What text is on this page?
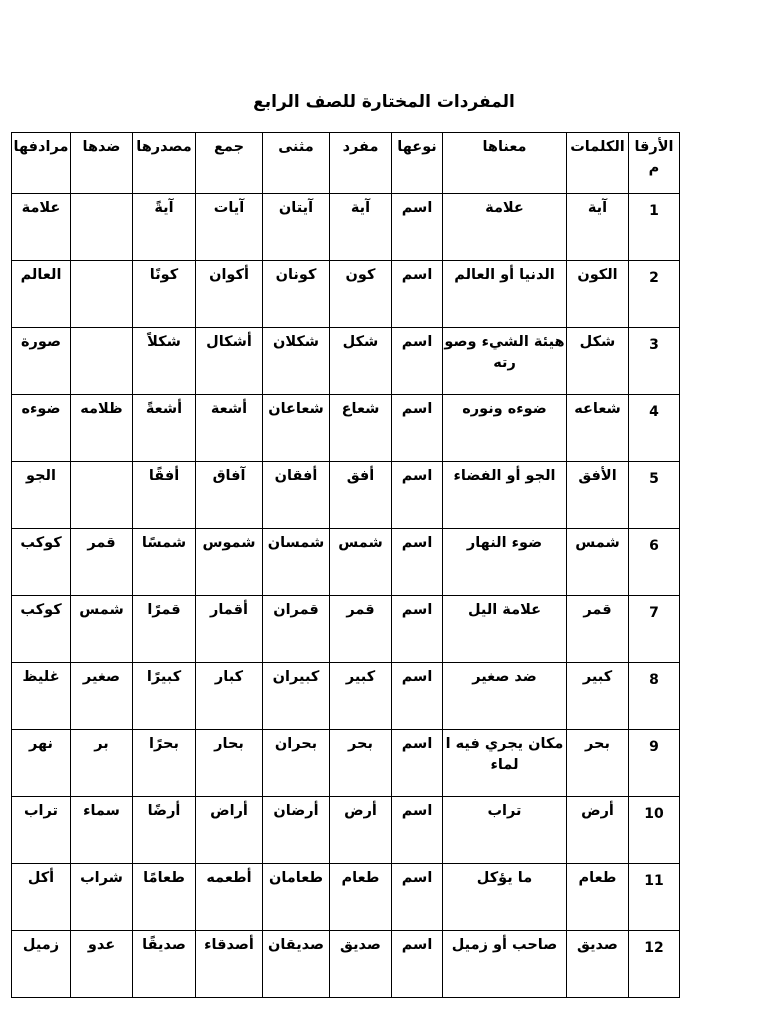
المفردات المختارة للصف الرابع
الأرقام	الكلمات	معناها	نوعها	مفرد	مثنى	جمع	مصدرها	ضدها	مرادفها
1	آية	علامة	اسم	آية	آيتان	آيات	آيةً		علامة
2	الكون	الدنيا أو العالم	اسم	كون	كونان	أكوان	كونًا		العالم
3	شكل	هيئة الشيء وصورته	اسم	شكل	شكلان	أشكال	شكلاً		صورة
4	شعاعه	ضوءه ونوره	اسم	شعاع	شعاعان	أشعة	أشعةً	ظلامه	ضوءه
5	الأفق	الجو أو الفضاء	اسم	أفق	أفقان	آفاق	أفقًا		الجو
6	شمس	ضوء النهار	اسم	شمس	شمسان	شموس	شمسًا	قمر	كوكب
7	قمر	علامة اليل	اسم	قمر	قمران	أقمار	قمرًا	شمس	كوكب
8	كبير	ضد صغير	اسم	كبير	كبيران	كبار	كبيرًا	صغير	غليظ
9	بحر	مكان يجري فيه الماء	اسم	بحر	بحران	بحار	بحرًا	بر	نهر
10	أرض	تراب	اسم	أرض	أرضان	أراض	أرضًا	سماء	تراب
11	طعام	ما يؤكل	اسم	طعام	طعامان	أطعمه	طعامًا	شراب	أكل
12	صديق	صاحب أو زميل	اسم	صديق	صديقان	أصدقاء	صديقًا	عدو	زميل
